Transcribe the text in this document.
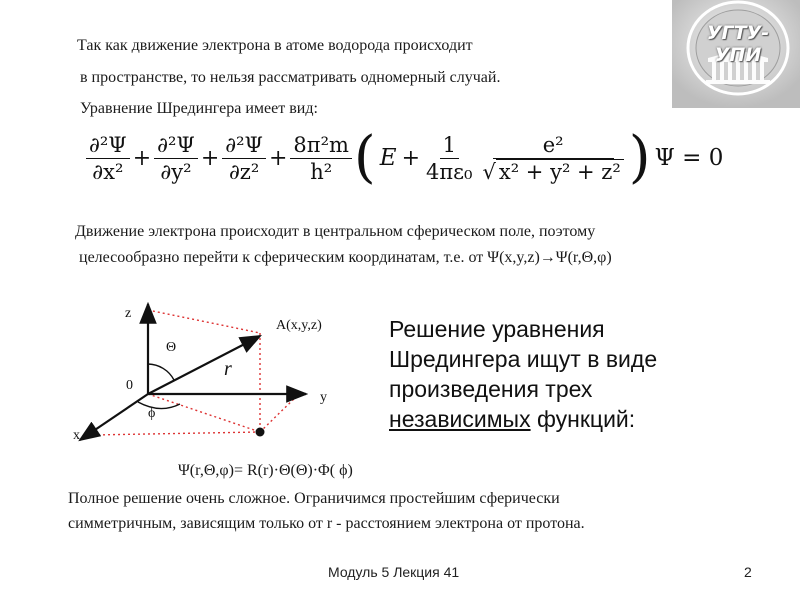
УГТУ-УПИ
Так как движение электрона в атоме водорода происходит
в пространстве, то нельзя рассматривать одномерный случай.
Уравнение Шредингера имеет вид:
$\frac{\text{∂²Ψ}}{\text{∂x²}} + \frac{\text{∂²Ψ}}{\text{∂y²}} + \frac{\text{∂²Ψ}}{\text{∂z²}} + \frac{\text{8π²m}}{\text{h²}}$ ( $E + \frac{1}{\text{4πε₀}} \frac{\text{e²}}{\text{√ x² + y² + z²}}$ ) Ψ = 0
Движение электрона происходит в центральном сферическом поле, поэтому
целесообразно перейти к сферическим координатам, т.е. от Ψ(x,y,z)→Ψ(r,Θ,φ)
z
y
x
0
A(x,y,z)
Θ
ϕ
r
Решение уравнения
Шредингера ищут в виде
произведения трех
независимых функций:
Ψ(r,Θ,φ)= R(r)·Θ(Θ)·Φ( ϕ)
Полное решение очень сложное. Ограничимся простейшим сферически
симметричным, зависящим только от r - расстоянием электрона от протона.
Модуль 5 Лекция 41	2
